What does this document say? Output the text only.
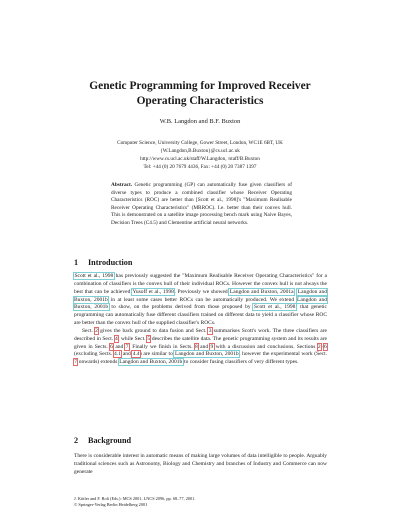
Genetic Programming for Improved Receiver
Operating Characteristics
W.B. Langdon and B.F. Buxton
Computer Science, University College, Gower Street, London, WC1E 6BT, UK
{W.Langdon,B.Buxton}@cs.ucl.ac.uk
http://www.cs.ucl.ac.uk/staff/W.Langdon, /staff/B.Buxton
Tel: +44 (0) 20 7679 4436, Fax: +44 (0) 20 7387 1397
Abstract. Genetic programming (GP) can automatically fuse given classifiers of diverse types to produce a combined classifier whose Receiver Operating Characteristics (ROC) are better than [Scott et al., 1998]'s "Maximum Realisable Receiver Operating Characteristics" (MRROC). I.e. better than their convex hull. This is demonstrated on a satellite image processing bench mark using Naive Bayes, Decision Trees (C4.5) and Clementine artificial neural networks.
1 Introduction

Scott et al., 1998 has previously suggested the "Maximum Realisable Receiver Operating Characteristics" for a combination of classifiers is the convex hull of their individual ROCs. However the convex hull is not always the best that can be achieved Yusoff et al., 1998. Previously we showed Langdon and Buxton, 2001a; Langdon and Buxton, 2001b in at least some cases better ROCs can be automatically produced. We extend Langdon and Buxton, 2001b to show, on the problems derived from those proposed by Scott et al., 1998, that genetic programming can automatically fuse different classifiers trained on different data to yield a classifier whose ROC are better than the convex hull of the supplied classifier's ROCs.

Sect. 2 gives the back ground to data fusion and Sect. 3 summarises Scott's work. The three classifiers are described in Sect. 4, while Sect. 5 describes the satellite data. The genetic programming system and its results are given in Sects. 6 and 7. Finally we finish in Sects. 8 and 9 with a discussion and conclusions. Sections 2–6 (excluding Sects. 4.1 and 4.4) are similar to Langdon and Buxton, 2001b, however the experimental work (Sect. 7 onwards) extends Langdon and Buxton, 2001b to consider fusing classifiers of very different types.

2 Background

There is considerable interest in automatic means of making large volumes of data intelligible to people. Arguably traditional sciences such as Astronomy, Biology and Chemistry and branches of Industry and Commerce can now generate

J. Kittler and F. Roli (Eds.): MCS 2001, LNCS 2096, pp. 68–77, 2001.
© Springer-Verlag Berlin Heidelberg 2001
